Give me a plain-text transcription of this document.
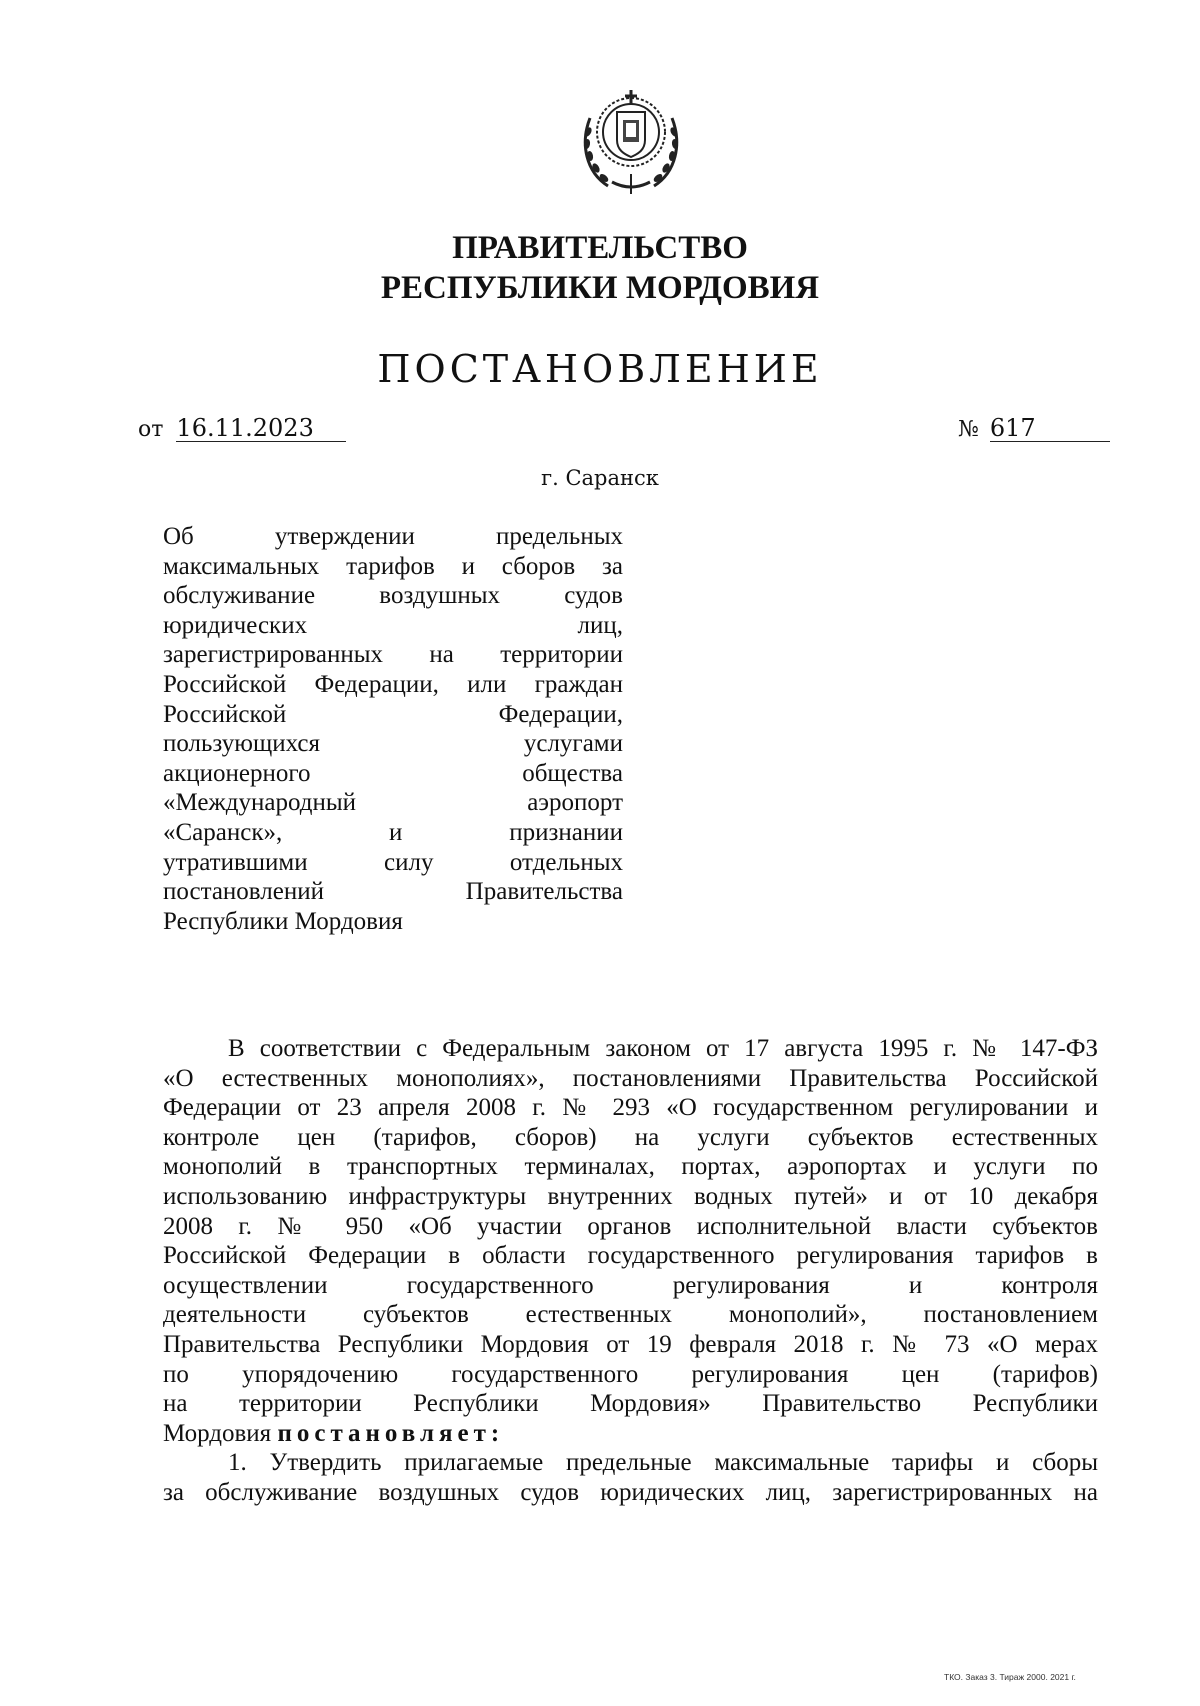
ПРАВИТЕЛЬСТВО
РЕСПУБЛИКИ МОРДОВИЯ
ПОСТАНОВЛЕНИЕ
от 16.11.2023	№ 617
г. Саранск
Об утверждении предельных
максимальных тарифов и сборов за
обслуживание воздушных судов
юридических лиц,
зарегистрированных на территории
Российской Федерации, или граждан
Российской Федерации,
пользующихся услугами
акционерного общества
«Международный аэропорт
«Саранск», и признании
утратившими силу отдельных
постановлений Правительства
Республики Мордовия
В соответствии с Федеральным законом от 17 августа 1995 г. № 147-ФЗ
«О естественных монополиях», постановлениями Правительства Российской
Федерации от 23 апреля 2008 г. № 293 «О государственном регулировании и
контроле цен (тарифов, сборов) на услуги субъектов естественных
монополий в транспортных терминалах, портах, аэропортах и услуги по
использованию инфраструктуры внутренних водных путей» и от 10 декабря
2008 г. № 950 «Об участии органов исполнительной власти субъектов
Российской Федерации в области государственного регулирования тарифов в
осуществлении государственного регулирования и контроля
деятельности субъектов естественных монополий», постановлением
Правительства Республики Мордовия от 19 февраля 2018 г. № 73 «О мерах
по упорядочению государственного регулирования цен (тарифов)
на территории Республики Мордовия» Правительство Республики
Мордовия постановляет:
1. Утвердить прилагаемые предельные максимальные тарифы и сборы
за обслуживание воздушных судов юридических лиц, зарегистрированных на
ТКО. Заказ 3. Тираж 2000. 2021 г.
